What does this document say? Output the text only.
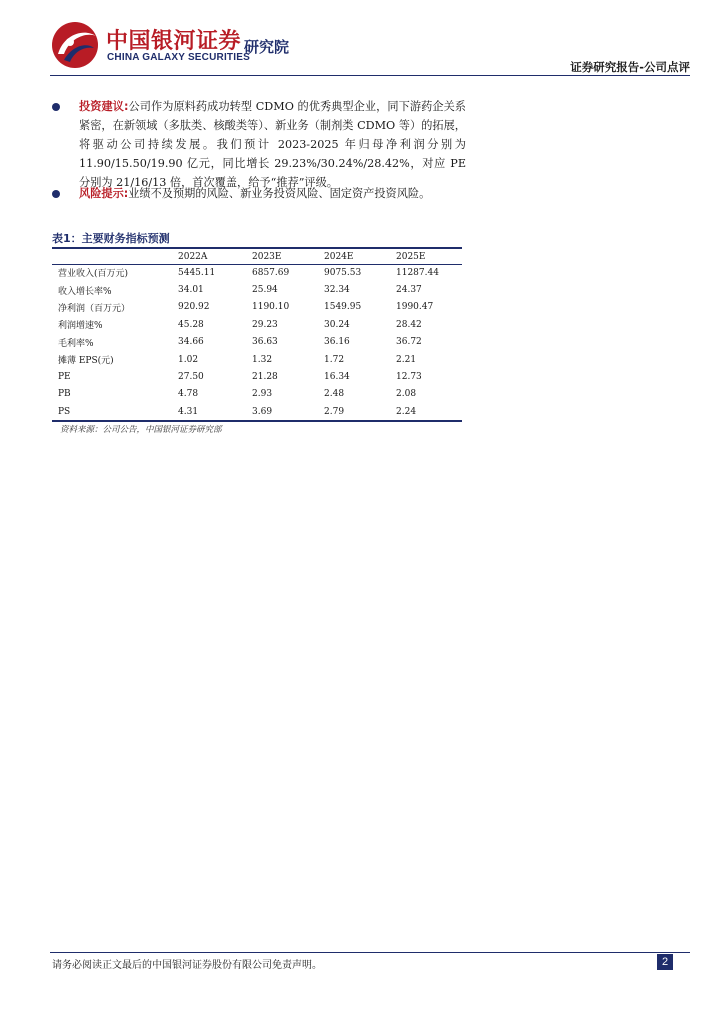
中国银河证券
CHINA GALAXY SECURITIES
研究院
证券研究报告-公司点评
投资建议:公司作为原料药成功转型 CDMO 的优秀典型企业，同下游药企关系紧密，在新领域（多肽类、核酸类等）、新业务（制剂类 CDMO 等）的拓展，将驱动公司持续发展。我们预计 2023-2025 年归母净利润分别为 11.90/15.50/19.90 亿元，同比增长 29.23%/30.24%/28.42%，对应 PE 分别为 21/16/13 倍，首次覆盖，给予“推荐”评级。
风险提示:业绩不及预期的风险、新业务投资风险、固定资产投资风险。
表1：主要财务指标预测
	2022A	2023E	2024E	2025E
营业收入(百万元)	5445.11	6857.69	9075.53	11287.44
收入增长率%	34.01	25.94	32.34	24.37
净利润（百万元）	920.92	1190.10	1549.95	1990.47
利润增速%	45.28	29.23	30.24	28.42
毛利率%	34.66	36.63	36.16	36.72
摊薄 EPS(元)	1.02	1.32	1.72	2.21
PE	27.50	21.28	16.34	12.73
PB	4.78	2.93	2.48	2.08
PS	4.31	3.69	2.79	2.24
资料来源：公司公告，中国银河证券研究部
请务必阅读正文最后的中国银河证券股份有限公司免责声明。	2
